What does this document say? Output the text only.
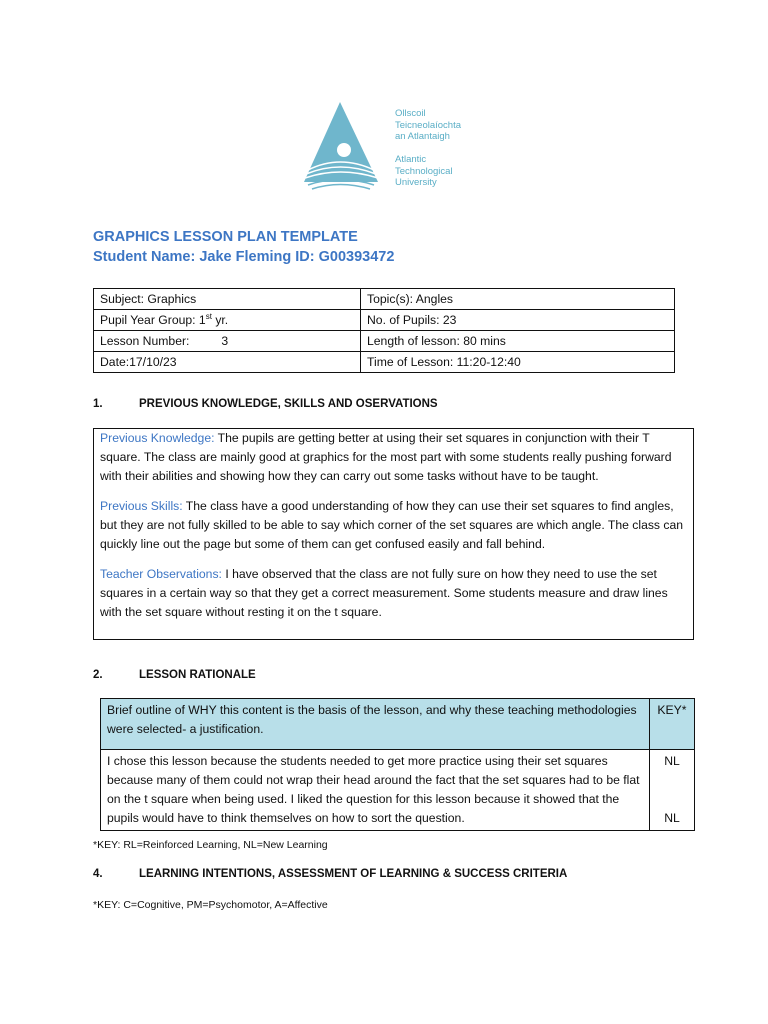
Ollscoil
Teicneolaíochta
an Atlantaigh
Atlantic
Technological
University
GRAPHICS LESSON PLAN TEMPLATE
Student Name: Jake Fleming ID: G00393472
Subject: Graphics	Topic(s): Angles
Pupil Year Group: 1st yr.	No. of Pupils: 23
Lesson Number: 3	Length of lesson: 80 mins
Date:17/10/23	Time of Lesson: 11:20-12:40
1.	PREVIOUS KNOWLEDGE, SKILLS AND OSERVATIONS

Previous Knowledge: The pupils are getting better at using their set squares in conjunction with their T square. The class are mainly good at graphics for the most part with some students really pushing forward with their abilities and showing how they can carry out some tasks without have to be taught.

Previous Skills: The class have a good understanding of how they can use their set squares to find angles, but they are not fully skilled to be able to say which corner of the set squares are which angle. The class can quickly line out the page but some of them can get confused easily and fall behind.

Teacher Observations: I have observed that the class are not fully sure on how they need to use the set squares in a certain way so that they get a correct measurement. Some students measure and draw lines with the set square without resting it on the t square.

2.	LESSON RATIONALE
Brief outline of WHY this content is the basis of the lesson, and why these teaching methodologies were selected- a justification.	KEY*
I chose this lesson because the students needed to get more practice using their set squares because many of them could not wrap their head around the fact that the set squares had to be flat on the t square when being used. I liked the question for this lesson because it showed that the pupils would have to think themselves on how to sort the question.	NL
NL
*KEY: RL=Reinforced Learning, NL=New Learning
4.	LEARNING INTENTIONS, ASSESSMENT OF LEARNING & SUCCESS CRITERIA
*KEY: C=Cognitive, PM=Psychomotor, A=Affective
